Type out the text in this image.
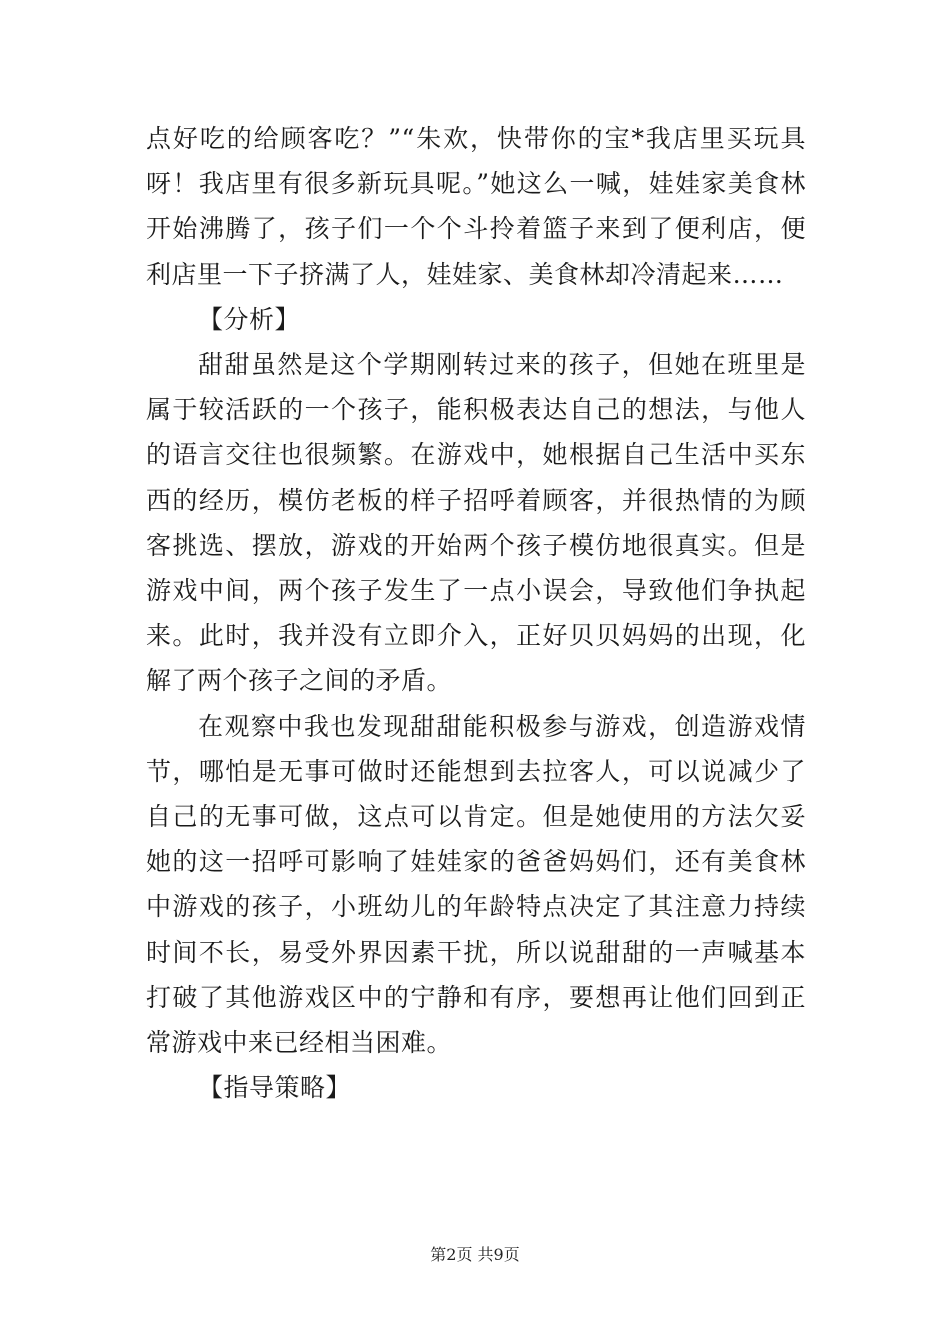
点好吃的给顾客吃？”“朱欢，快带你的宝*我店里买玩具呀！我店里有很多新玩具呢。”她这么一喊，娃娃家美食林开始沸腾了，孩子们一个个斗拎着篮子来到了便利店，便利店里一下子挤满了人，娃娃家、美食林却冷清起来……

【分析】

甜甜虽然是这个学期刚转过来的孩子，但她在班里是属于较活跃的一个孩子，能积极表达自己的想法，与他人的语言交往也很频繁。在游戏中，她根据自己生活中买东西的经历，模仿老板的样子招呼着顾客，并很热情的为顾客挑选、摆放，游戏的开始两个孩子模仿地很真实。但是游戏中间，两个孩子发生了一点小误会，导致他们争执起来。此时，我并没有立即介入，正好贝贝妈妈的出现，化解了两个孩子之间的矛盾。

在观察中我也发现甜甜能积极参与游戏，创造游戏情节，哪怕是无事可做时还能想到去拉客人，可以说减少了自己的无事可做，这点可以肯定。但是她使用的方法欠妥她的这一招呼可影响了娃娃家的爸爸妈妈们，还有美食林中游戏的孩子，小班幼儿的年龄特点决定了其注意力持续时间不长，易受外界因素干扰，所以说甜甜的一声喊基本打破了其他游戏区中的宁静和有序，要想再让他们回到正常游戏中来已经相当困难。

【指导策略】

第2页 共9页
